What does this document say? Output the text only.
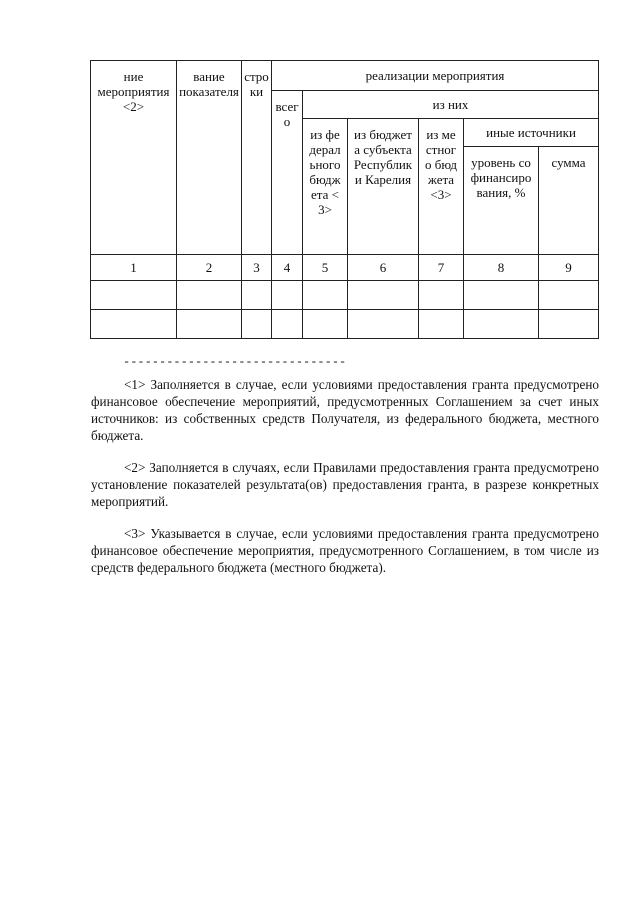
ние мероприятия <2>	вание показателя	строки	реализации мероприятия					
			всего	из них				

				из федерального бюджета <3>	из бюджета субъекта Республики Карелия	из местного бюджета <3>	иные источники	

							уровень софинансирования, %	сумма
1	2	3	4	5	6	7	8	9

-------------------------------

<1> Заполняется в случае, если условиями предоставления гранта предусмотрено финансовое обеспечение мероприятий, предусмотренных Соглашением за счет иных источников: из собственных средств Получателя, из федерального бюджета, местного бюджета.

<2> Заполняется в случаях, если Правилами предоставления гранта предусмотрено установление показателей результата(ов) предоставления гранта, в разрезе конкретных мероприятий.

<3> Указывается в случае, если условиями предоставления гранта предусмотрено финансовое обеспечение мероприятия, предусмотренного Соглашением, в том числе из средств федерального бюджета (местного бюджета).
